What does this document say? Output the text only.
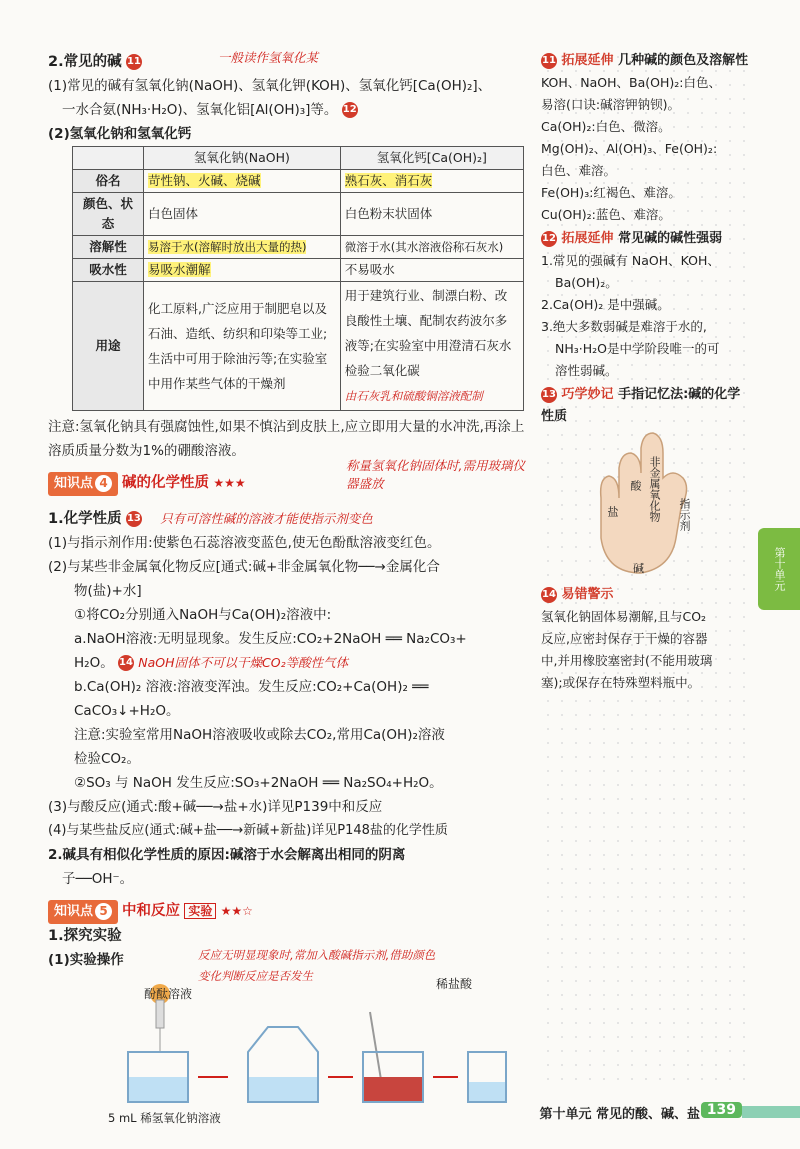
2.常见的碱 11	一般读作氢氧化某
(1)常见的碱有氢氧化钠(NaOH)、氢氧化钾(KOH)、氢氧化钙[Ca(OH)₂]、
一水合氨(NH₃·H₂O)、氢氧化铝[Al(OH)₃]等。 12
(2)氢氧化钠和氢氧化钙
	氢氧化钠(NaOH)	氢氧化钙[Ca(OH)₂]
俗名	苛性钠、火碱、烧碱	熟石灰、消石灰
颜色、状态	白色固体	白色粉末状固体
溶解性	易溶于水(溶解时放出大量的热)	微溶于水(其水溶液俗称石灰水)
吸水性	易吸水潮解	不易吸水
用途	化工原料,广泛应用于制肥皂以及石油、造纸、纺织和印染等工业;生活中可用于除油污等;在实验室中用作某些气体的干燥剂	用于建筑行业、制漂白粉、改良酸性土壤、配制农药波尔多液等;在实验室中用澄清石灰水检验二氧化碳
由石灰乳和硫酸铜溶液配制
注意:氢氧化钠具有强腐蚀性,如果不慎沾到皮肤上,应立即用大量的水冲洗,再涂上溶质质量分数为1%的硼酸溶液。
称量氢氧化钠固体时,需用玻璃仪器盛放
知识点 4 碱的化学性质 ★★★
1.化学性质 13 只有可溶性碱的溶液才能使指示剂变色
(1)与指示剂作用:使紫色石蕊溶液变蓝色,使无色酚酞溶液变红色。
(2)与某些非金属氧化物反应[通式:碱+非金属氧化物──→金属化合
物(盐)+水]
①将CO₂分别通入NaOH与Ca(OH)₂溶液中:
a.NaOH溶液:无明显现象。发生反应:CO₂+2NaOH ══ Na₂CO₃+
H₂O。 14 NaOH固体不可以干燥CO₂等酸性气体
b.Ca(OH)₂ 溶液:溶液变浑浊。发生反应:CO₂+Ca(OH)₂ ══
CaCO₃↓+H₂O。
注意:实验室常用NaOH溶液吸收或除去CO₂,常用Ca(OH)₂溶液
检验CO₂。
②SO₃ 与 NaOH 发生反应:SO₃+2NaOH ══ Na₂SO₄+H₂O。
(3)与酸反应(通式:酸+碱──→盐+水)详见P139中和反应
(4)与某些盐反应(通式:碱+盐──→新碱+新盐)详见P148盐的化学性质
2.碱具有相似化学性质的原因:碱溶于水会解离出相同的阴离
子──OH⁻。
知识点 5 中和反应 实验 ★★☆
1.探究实验
(1)实验操作	反应无明显现象时,常加入酸碱指示剂,借助颜色
变化判断反应是否发生
酚酞溶液
稀盐酸
5 mL 稀氢氧化钠溶液
11 拓展延伸 几种碱的颜色及溶解性
KOH、NaOH、Ba(OH)₂:白色、
易溶(口诀:碱溶钾钠钡)。
Ca(OH)₂:白色、微溶。
Mg(OH)₂、Al(OH)₃、Fe(OH)₂:
白色、难溶。
Fe(OH)₃:红褐色、难溶。
Cu(OH)₂:蓝色、难溶。
12 拓展延伸 常见碱的碱性强弱
1.常见的强碱有 NaOH、KOH、
Ba(OH)₂。
2.Ca(OH)₂ 是中强碱。
3.绝大多数弱碱是难溶于水的,
NH₃·H₂O是中学阶段唯一的可
溶性弱碱。
13 巧学妙记 手指记忆法:碱的化学性质
盐
酸 非金属氧化物	指示剂
碱
14 易错警示
氢氧化钠固体易潮解,且与CO₂
反应,应密封保存于干燥的容器
中,并用橡胶塞密封(不能用玻璃
塞);或保存在特殊塑料瓶中。
第十单元
第十单元 常见的酸、碱、盐 139
